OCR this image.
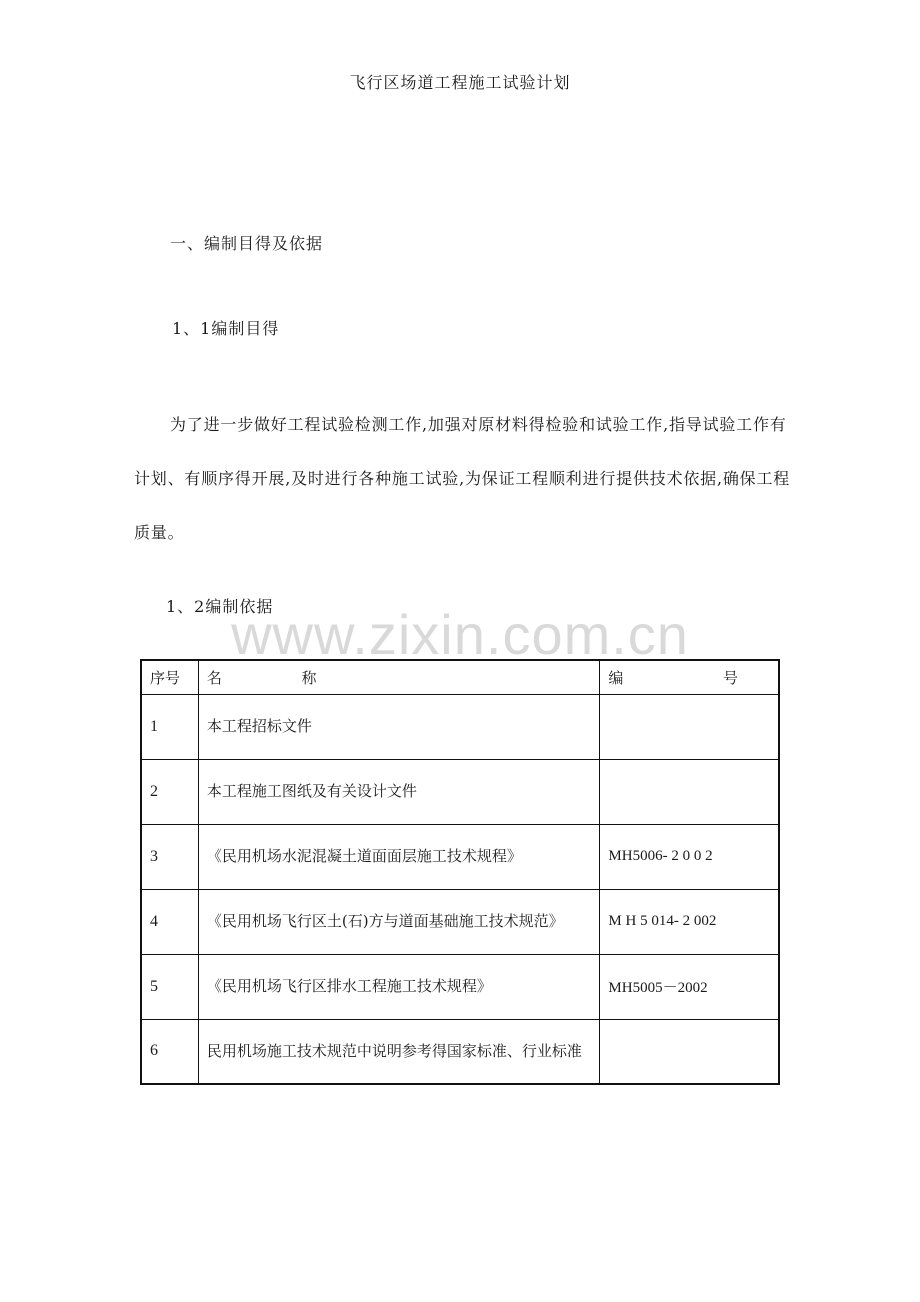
飞行区场道工程施工试验计划
一、编制目得及依据
1、1编制目得

为了进一步做好工程试验检测工作,加强对原材料得检验和试验工作,指导试验工作有计划、有顺序得开展,及时进行各种施工试验,为保证工程顺利进行提供技术依据,确保工程质量。

1、2编制依据
www.zixin.com.cn
序号	名 称	编 号

1	本工程招标文件	
2	本工程施工图纸及有关设计文件	
3	《民用机场水泥混凝土道面面层施工技术规程》	MH5006- 2 0 0 2
4	《民用机场飞行区土(石)方与道面基础施工技术规范》	M H 5 014- 2 002
5	《民用机场飞行区排水工程施工技术规程》	MH5005－2002
6	民用机场施工技术规范中说明参考得国家标准、行业标准	
